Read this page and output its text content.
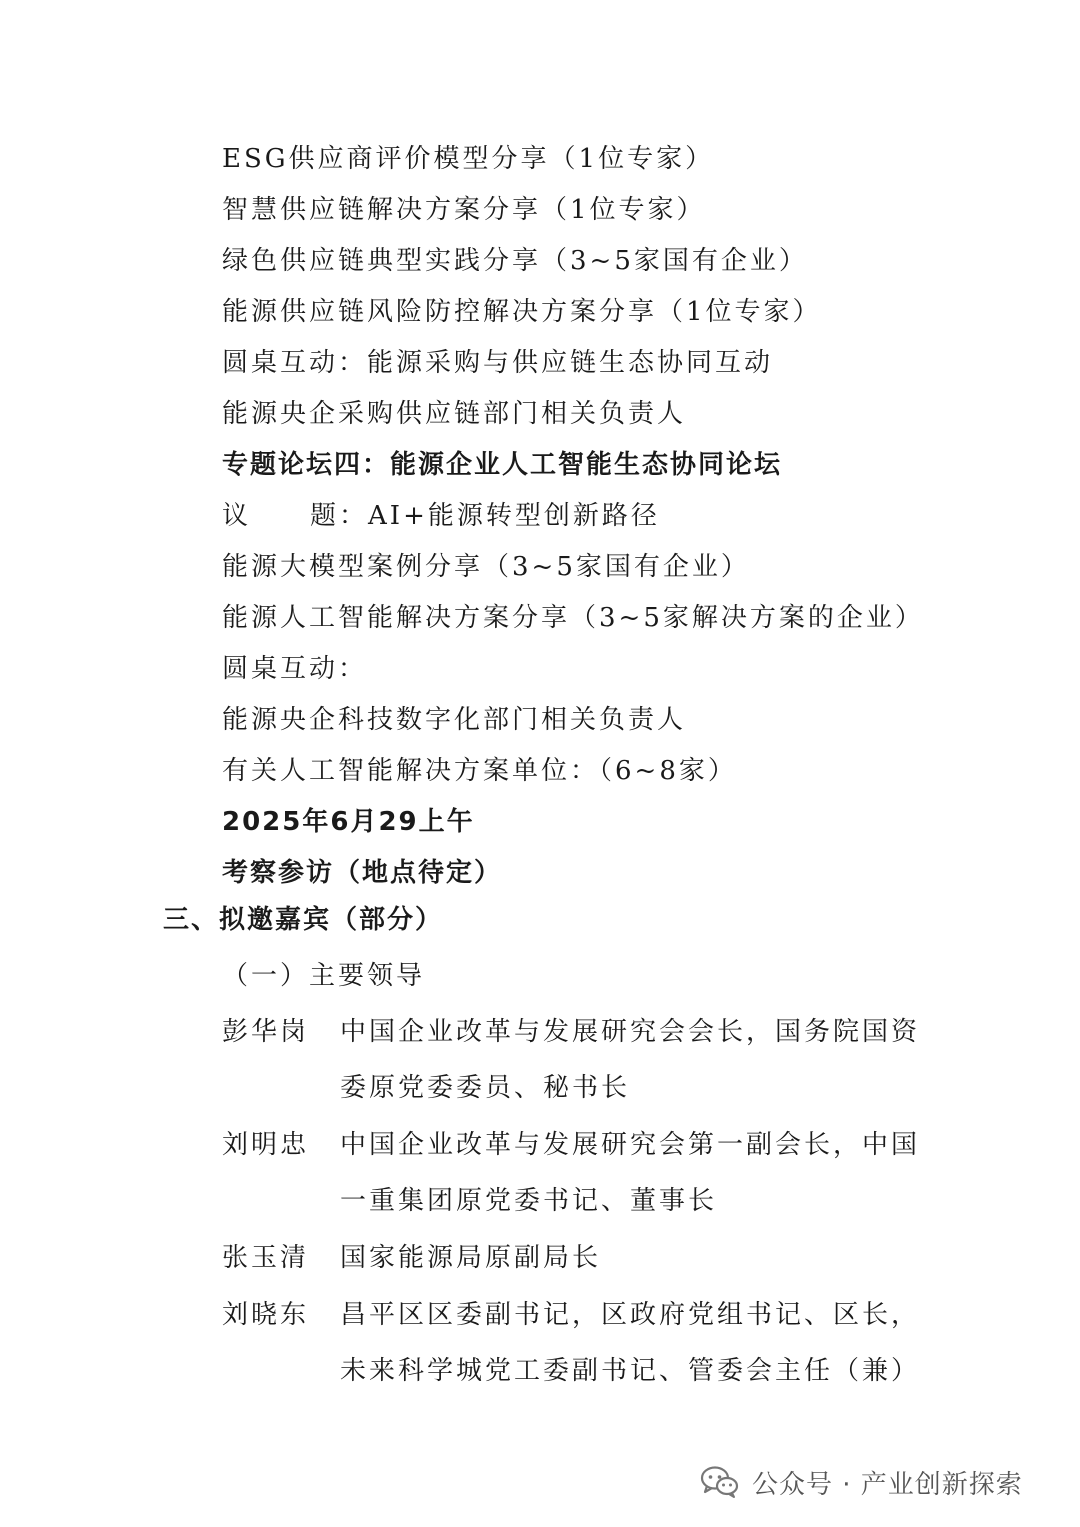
ESG供应商评价模型分享（1位专家）
智慧供应链解决方案分享（1位专家）
绿色供应链典型实践分享（3~5家国有企业）
能源供应链风险防控解决方案分享（1位专家）
圆桌互动：能源采购与供应链生态协同互动
能源央企采购供应链部门相关负责人
专题论坛四：能源企业人工智能生态协同论坛
议 题：AI+能源转型创新路径
能源大模型案例分享（3~5家国有企业）
能源人工智能解决方案分享（3~5家解决方案的企业）
圆桌互动：
能源央企科技数字化部门相关负责人
有关人工智能解决方案单位：（6~8家）
2025年6月29上午
考察参访（地点待定）
三、拟邀嘉宾（部分）
（一）主要领导
彭华岗 中国企业改革与发展研究会会长，国务院国资
委原党委委员、秘书长
刘明忠 中国企业改革与发展研究会第一副会长，中国
一重集团原党委书记、董事长
张玉清 国家能源局原副局长
刘晓东 昌平区区委副书记，区政府党组书记、区长，
未来科学城党工委副书记、管委会主任（兼）
公众号 · 产业创新探索
